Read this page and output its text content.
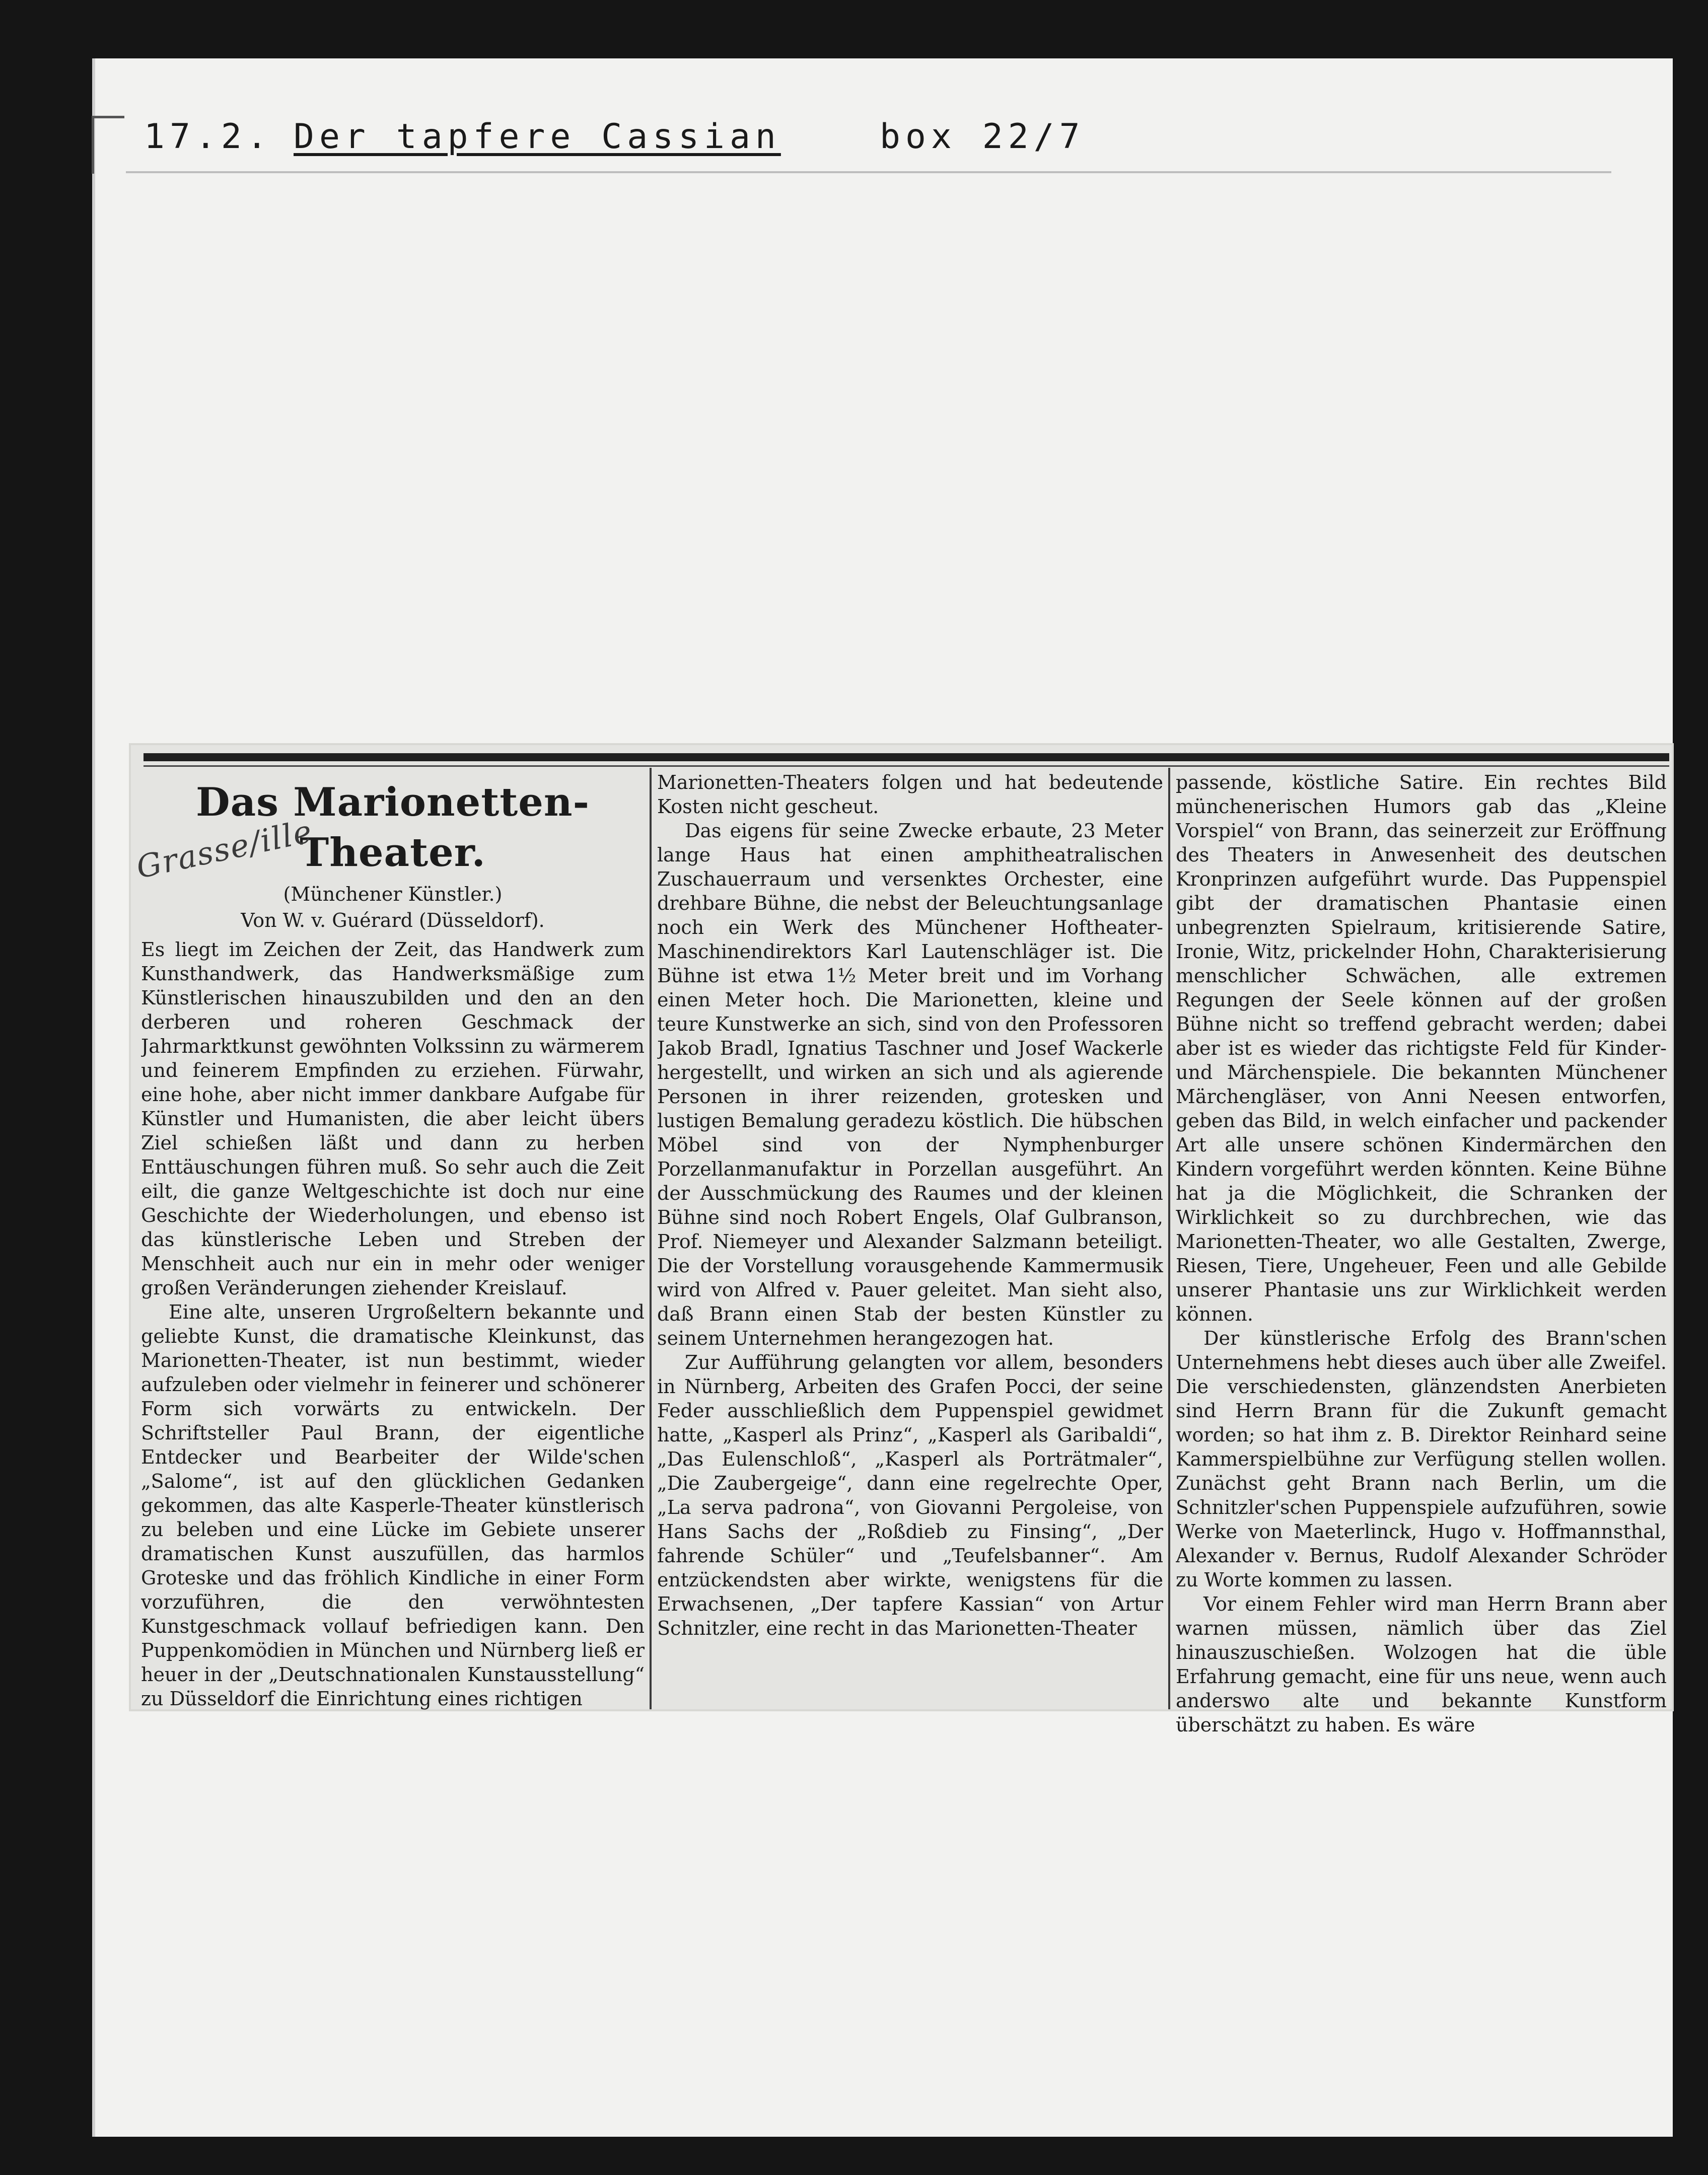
17.2. Der tapfere Cassian	box 22/7
Das Marionetten-Theater.
(Münchener Künstler.)
Von W. v. Guérard (Düsseldorf).

Es liegt im Zeichen der Zeit, das Handwerk zum Kunsthandwerk, das Handwerksmäßige zum Künstlerischen hinauszubilden und den an den derberen und roheren Geschmack der Jahrmarktkunst gewöhnten Volkssinn zu wärmerem und feinerem Empfinden zu erziehen. Fürwahr, eine hohe, aber nicht immer dankbare Aufgabe für Künstler und Humanisten, die aber leicht übers Ziel schießen läßt und dann zu herben Enttäuschungen führen muß. So sehr auch die Zeit eilt, die ganze Weltgeschichte ist doch nur eine Geschichte der Wiederholungen, und ebenso ist das künstlerische Leben und Streben der Menschheit auch nur ein in mehr oder weniger großen Veränderungen ziehender Kreislauf.

Eine alte, unseren Urgroßeltern bekannte und geliebte Kunst, die dramatische Kleinkunst, das Marionetten-Theater, ist nun bestimmt, wieder aufzuleben oder vielmehr in feinerer und schönerer Form sich vorwärts zu entwickeln. Der Schriftsteller Paul Brann, der eigentliche Entdecker und Bearbeiter der Wilde'schen „Salome“, ist auf den glücklichen Gedanken gekommen, das alte Kasperle-Theater künstlerisch zu beleben und eine Lücke im Gebiete unserer dramatischen Kunst auszufüllen, das harmlos Groteske und das fröhlich Kindliche in einer Form vorzuführen, die den verwöhntesten Kunstgeschmack vollauf befriedigen kann. Den Puppenkomödien in München und Nürnberg ließ er heuer in der „Deutschnationalen Kunstausstellung“ zu Düsseldorf die Einrichtung eines richtigen

Marionetten-Theaters folgen und hat bedeutende Kosten nicht gescheut.

Das eigens für seine Zwecke erbaute, 23 Meter lange Haus hat einen amphitheatralischen Zuschauerraum und versenktes Orchester, eine drehbare Bühne, die nebst der Beleuchtungsanlage noch ein Werk des Münchener Hoftheater-Maschinendirektors Karl Lautenschläger ist. Die Bühne ist etwa 1½ Meter breit und im Vorhang einen Meter hoch. Die Marionetten, kleine und teure Kunstwerke an sich, sind von den Professoren Jakob Bradl, Ignatius Taschner und Josef Wackerle hergestellt, und wirken an sich und als agierende Personen in ihrer reizenden, grotesken und lustigen Bemalung geradezu köstlich. Die hübschen Möbel sind von der Nymphenburger Porzellanmanufaktur in Porzellan ausgeführt. An der Ausschmückung des Raumes und der kleinen Bühne sind noch Robert Engels, Olaf Gulbranson, Prof. Niemeyer und Alexander Salzmann beteiligt. Die der Vorstellung vorausgehende Kammermusik wird von Alfred v. Pauer geleitet. Man sieht also, daß Brann einen Stab der besten Künstler zu seinem Unternehmen herangezogen hat.

Zur Aufführung gelangten vor allem, besonders in Nürnberg, Arbeiten des Grafen Pocci, der seine Feder ausschließlich dem Puppenspiel gewidmet hatte, „Kasperl als Prinz“, „Kasperl als Garibaldi“, „Das Eulenschloß“, „Kasperl als Porträtmaler“, „Die Zaubergeige“, dann eine regelrechte Oper, „La serva padrona“, von Giovanni Pergoleise, von Hans Sachs der „Roßdieb zu Finsing“, „Der fahrende Schüler“ und „Teufelsbanner“. Am entzückendsten aber wirkte, wenigstens für die Erwachsenen, „Der tapfere Kassian“ von Artur Schnitzler, eine recht in das Marionetten-Theater

passende, köstliche Satire. Ein rechtes Bild münchenerischen Humors gab das „Kleine Vorspiel“ von Brann, das seinerzeit zur Eröffnung des Theaters in Anwesenheit des deutschen Kronprinzen aufgeführt wurde. Das Puppenspiel gibt der dramatischen Phantasie einen unbegrenzten Spielraum, kritisierende Satire, Ironie, Witz, prickelnder Hohn, Charakterisierung menschlicher Schwächen, alle extremen Regungen der Seele können auf der großen Bühne nicht so treffend gebracht werden; dabei aber ist es wieder das richtigste Feld für Kinder- und Märchenspiele. Die bekannten Münchener Märchengläser, von Anni Neesen entworfen, geben das Bild, in welch einfacher und packender Art alle unsere schönen Kindermärchen den Kindern vorgeführt werden könnten. Keine Bühne hat ja die Möglichkeit, die Schranken der Wirklichkeit so zu durchbrechen, wie das Marionetten-Theater, wo alle Gestalten, Zwerge, Riesen, Tiere, Ungeheuer, Feen und alle Gebilde unserer Phantasie uns zur Wirklichkeit werden können.

Der künstlerische Erfolg des Brann'schen Unternehmens hebt dieses auch über alle Zweifel. Die verschiedensten, glänzendsten Anerbieten sind Herrn Brann für die Zukunft gemacht worden; so hat ihm z. B. Direktor Reinhard seine Kammerspielbühne zur Verfügung stellen wollen. Zunächst geht Brann nach Berlin, um die Schnitzler'schen Puppenspiele aufzuführen, sowie Werke von Maeterlinck, Hugo v. Hoffmannsthal, Alexander v. Bernus, Rudolf Alexander Schröder zu Worte kommen zu lassen.

Vor einem Fehler wird man Herrn Brann aber warnen müssen, nämlich über das Ziel hinauszuschießen. Wolzogen hat die üble Erfahrung gemacht, eine für uns neue, wenn auch anderswo alte und bekannte Kunstform überschätzt zu haben. Es wäre

Grasse/ille
